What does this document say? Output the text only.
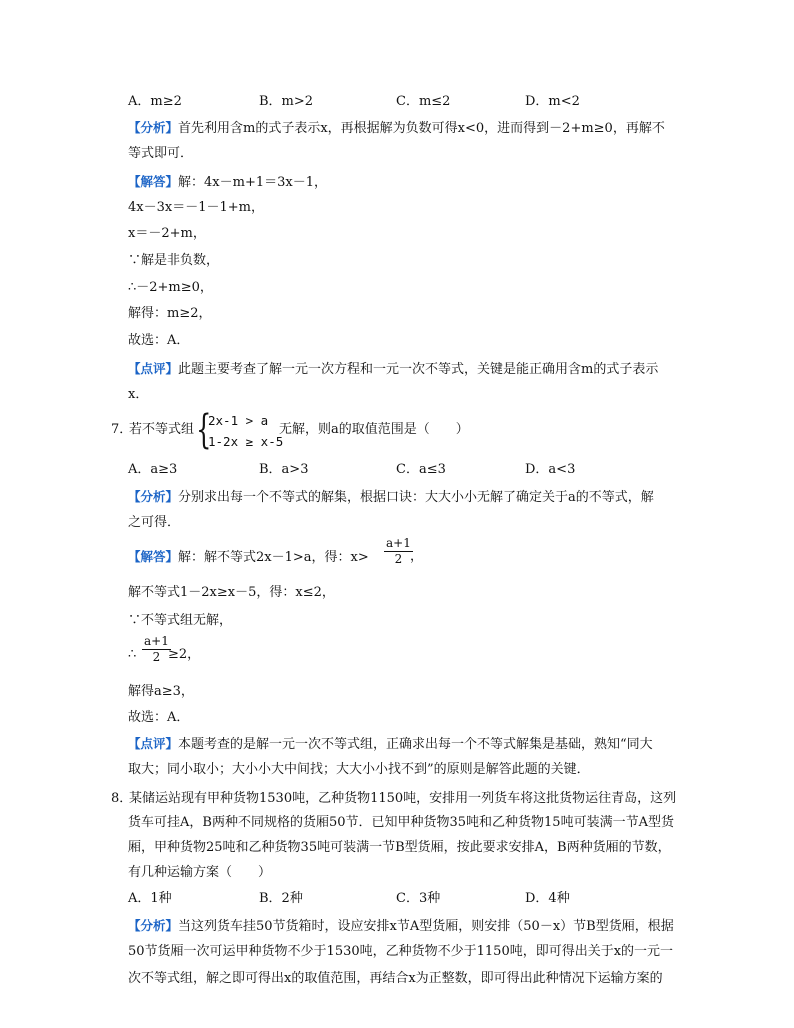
A．m≥2	B．m>2	C．m≤2	D．m<2
【分析】首先利用含m的式子表示x，再根据解为负数可得x<0，进而得到－2+m≥0，再解不
等式即可．
【解答】解：4x－m+1＝3x－1，
4x－3x＝－1－1+m，
x＝－2+m，
∵解是非负数，
∴－2+m≥0，
解得：m≥2，
故选：A．
【点评】此题主要考查了解一元一次方程和一元一次不等式，关键是能正确用含m的式子表示
x．
7．
若不等式组 {
2x-1 > a
1-2x ≥ x-5
无解，则a的取值范围是（　　）
A．a≥3	B．a>3	C．a≤3	D．a<3
【分析】分别求出每一个不等式的解集，根据口诀：大大小小无解了确定关于a的不等式，解
之可得．
【解答】解：解不等式2x－1>a，得：$x> \frac{a+1}{2}$
，
解不等式1－2x≥x－5，得：x≤2，
∵不等式组无解，
∴ $\frac{a+1}{2}$
≥2，
解得a≥3，
故选：A．
【点评】本题考查的是解一元一次不等式组，正确求出每一个不等式解集是基础，熟知“同大
取大；同小取小；大小小大中间找；大大小小找不到”的原则是解答此题的关键．
8．
某储运站现有甲种货物1530吨，乙种货物1150吨，安排用一列货车将这批货物运往青岛，这列
货车可挂A，B两种不同规格的货厢50节．已知甲种货物35吨和乙种货物15吨可装满一节A型货
厢，甲种货物25吨和乙种货物35吨可装满一节B型货厢，按此要求安排A，B两种货厢的节数，
有几种运输方案（　　）
A．1种	B．2种	C．3种	D．4种
【分析】当这列货车挂50节货箱时，设应安排x节A型货厢，则安排（50－x）节B型货厢，根据
50节货厢一次可运甲种货物不少于1530吨，乙种货物不少于1150吨，即可得出关于x的一元一
次不等式组，解之即可得出x的取值范围，再结合x为正整数，即可得出此种情况下运输方案的
